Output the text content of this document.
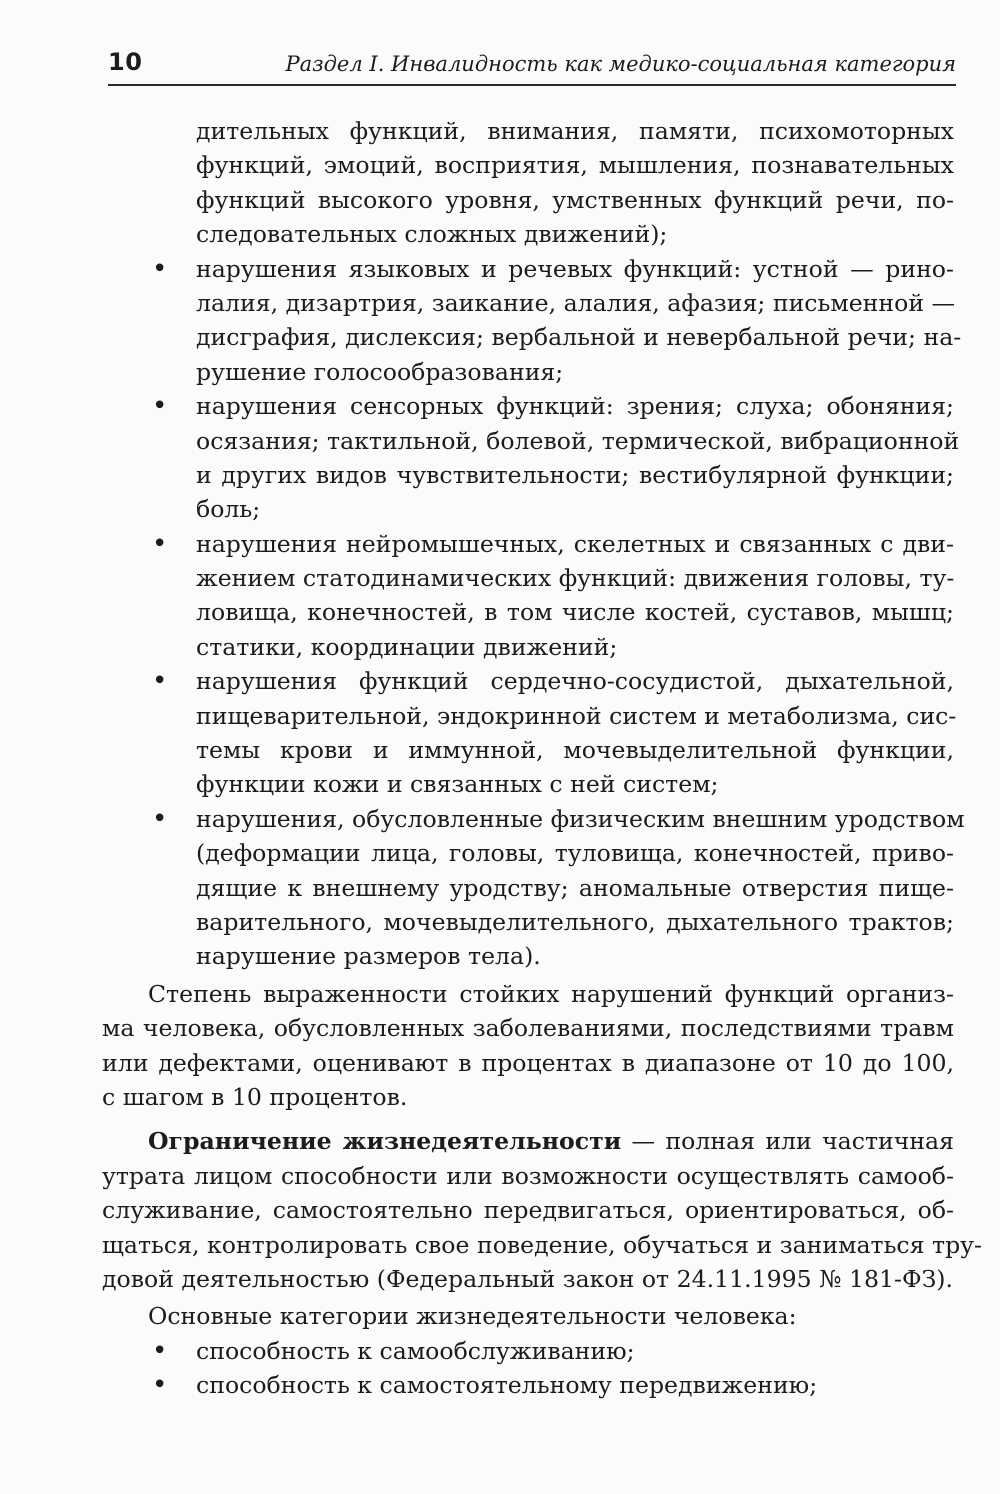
10	Раздел I. Инвалидность как медико-социальная категория
дительных функций, внимания, памяти, психомоторных
функций, эмоций, восприятия, мышления, познавательных
функций высокого уровня, умственных функций речи, по-
следовательных сложных движений);
• нарушения языковых и речевых функций: устной — рино-
лалия, дизартрия, заикание, алалия, афазия; письменной —
дисграфия, дислексия; вербальной и невербальной речи; на-
рушение голосообразования;
• нарушения сенсорных функций: зрения; слуха; обоняния;
осязания; тактильной, болевой, термической, вибрационной
и других видов чувствительности; вестибулярной функции;
боль;
• нарушения нейромышечных, скелетных и связанных с дви-
жением статодинамических функций: движения головы, ту-
ловища, конечностей, в том числе костей, суставов, мышц;
статики, координации движений;
• нарушения функций сердечно-сосудистой, дыхательной,
пищеварительной, эндокринной систем и метаболизма, сис-
темы крови и иммунной, мочевыделительной функции,
функции кожи и связанных с ней систем;
• нарушения, обусловленные физическим внешним уродством
(деформации лица, головы, туловища, конечностей, приво-
дящие к внешнему уродству; аномальные отверстия пище-
варительного, мочевыделительного, дыхательного трактов;
нарушение размеров тела).
Степень выраженности стойких нарушений функций организ-
ма человека, обусловленных заболеваниями, последствиями травм
или дефектами, оценивают в процентах в диапазоне от 10 до 100,
с шагом в 10 процентов.
Ограничение жизнедеятельности — полная или частичная
утрата лицом способности или возможности осуществлять самооб-
служивание, самостоятельно передвигаться, ориентироваться, об-
щаться, контролировать свое поведение, обучаться и заниматься тру-
довой деятельностью (Федеральный закон от 24.11.1995 № 181-ФЗ).
Основные категории жизнедеятельности человека:
• способность к самообслуживанию;
• способность к самостоятельному передвижению;
